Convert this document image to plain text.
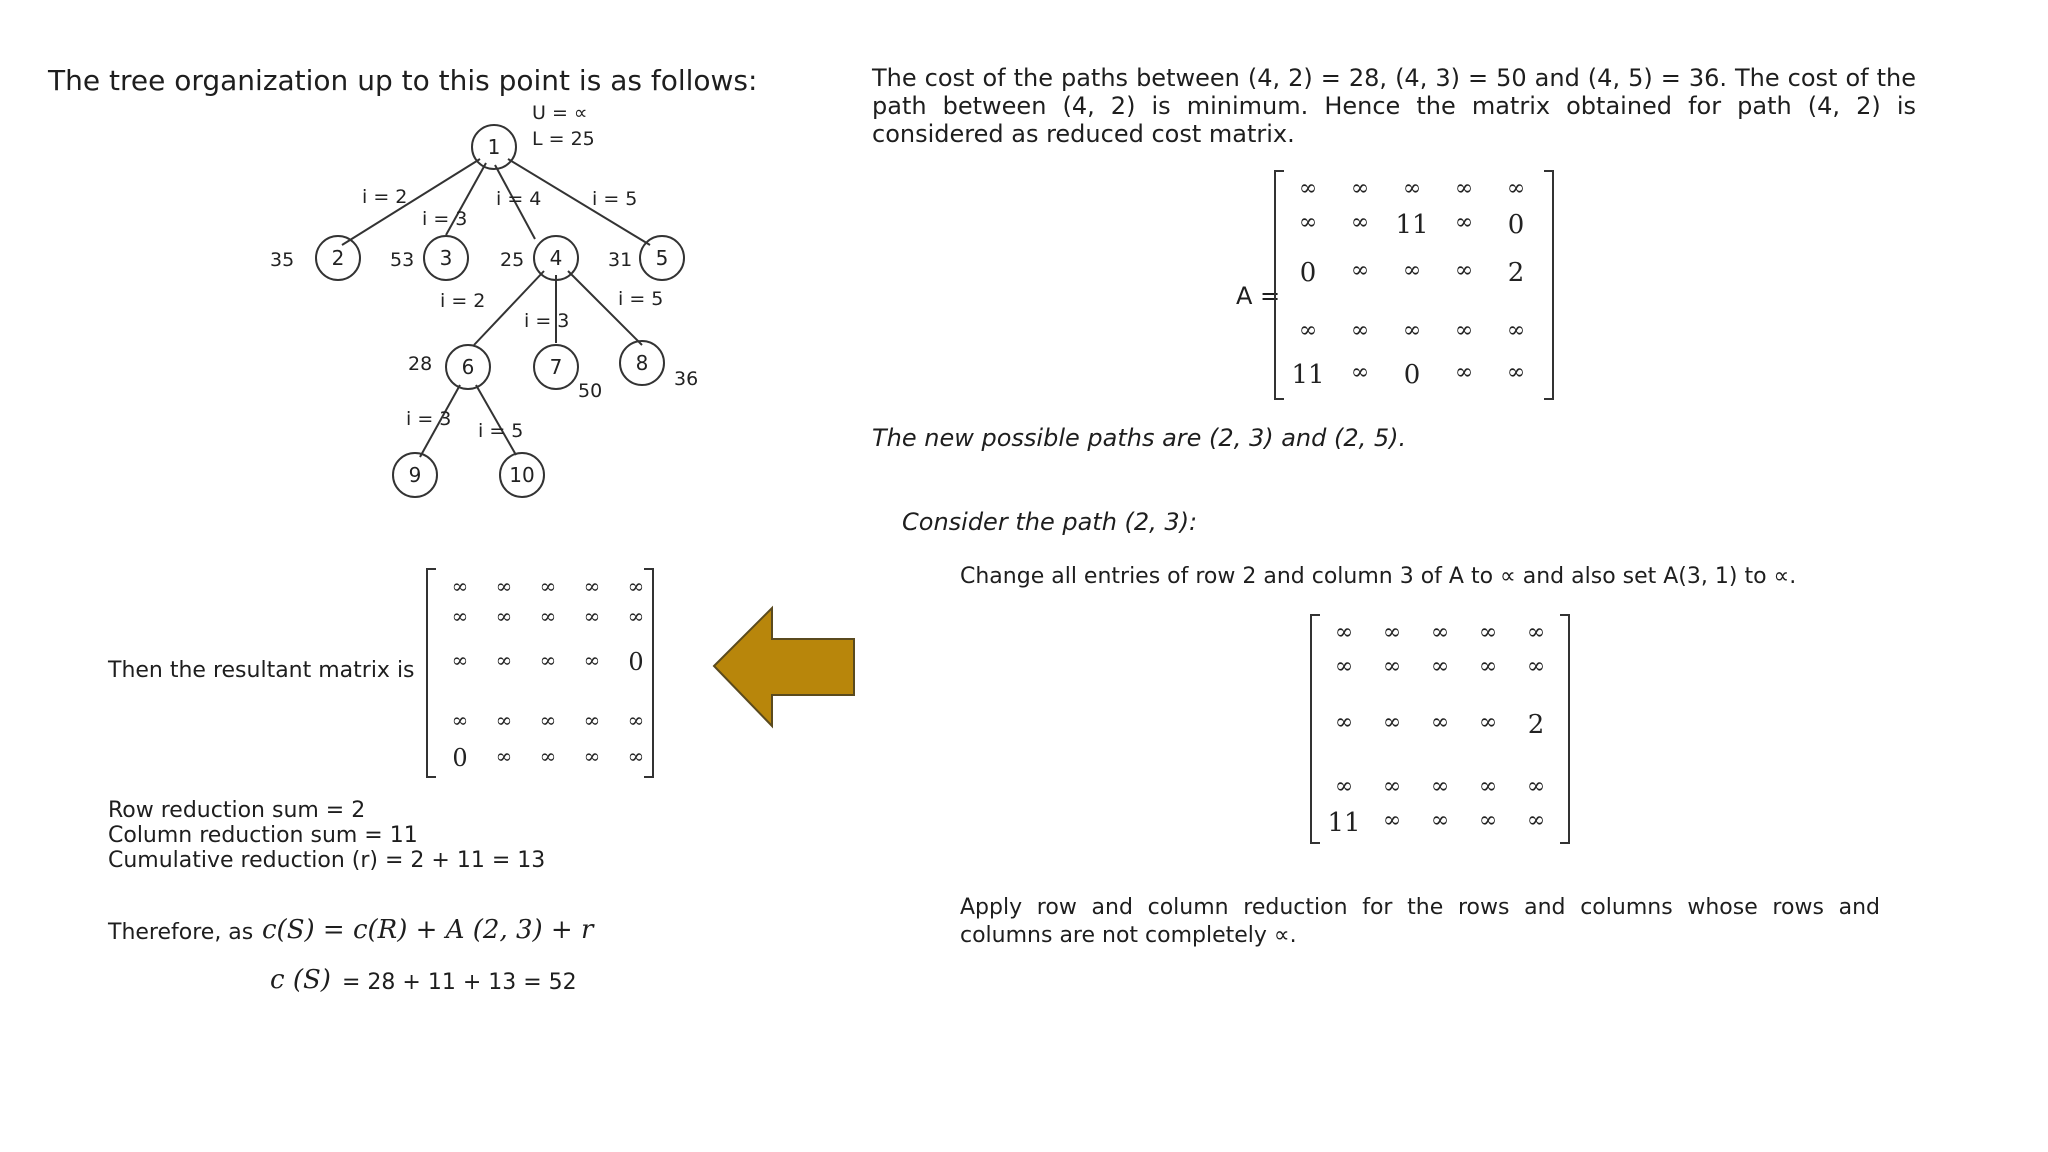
The tree organization up to this point is as follows:
1
2	3	4	5
6	7	8
9	10
U = ∝
L = 25
35	53	25	31
28
50
36
i = 2
i = 3
i = 4	i = 5
i = 2
i = 3
i = 5
i = 3
i = 5
Then the resultant matrix is
∞	∞	∞	∞	∞
∞	∞	∞	∞	∞
∞	∞	∞	∞	0
∞	∞	∞	∞	∞
0	∞	∞	∞	∞
Row reduction sum = 2
Column reduction sum = 11
Cumulative reduction (r) = 2 + 11 = 13
Therefore, as c(S) = c(R) + A (2, 3) + r
c (S) = 28 + 11 + 13 = 52
The cost of the paths between (4, 2) = 28, (4, 3) = 50 and (4, 5) = 36. The cost of the path between (4, 2) is minimum. Hence the matrix obtained for path (4, 2) is considered as reduced cost matrix.
A =
∞	∞	∞	∞	∞
∞	∞	11	∞	0
0	∞	∞	∞	2
∞	∞	∞	∞	∞
11	∞	0	∞	∞
The new possible paths are (2, 3) and (2, 5).
Consider the path (2, 3):
Change all entries of row 2 and column 3 of A to ∝ and also set A(3, 1) to ∝.
∞	∞	∞	∞	∞
∞	∞	∞	∞	∞
∞	∞	∞	∞	2
∞	∞	∞	∞	∞
11	∞	∞	∞	∞
Apply row and column reduction for the rows and columns whose rows and columns are not completely ∝.
